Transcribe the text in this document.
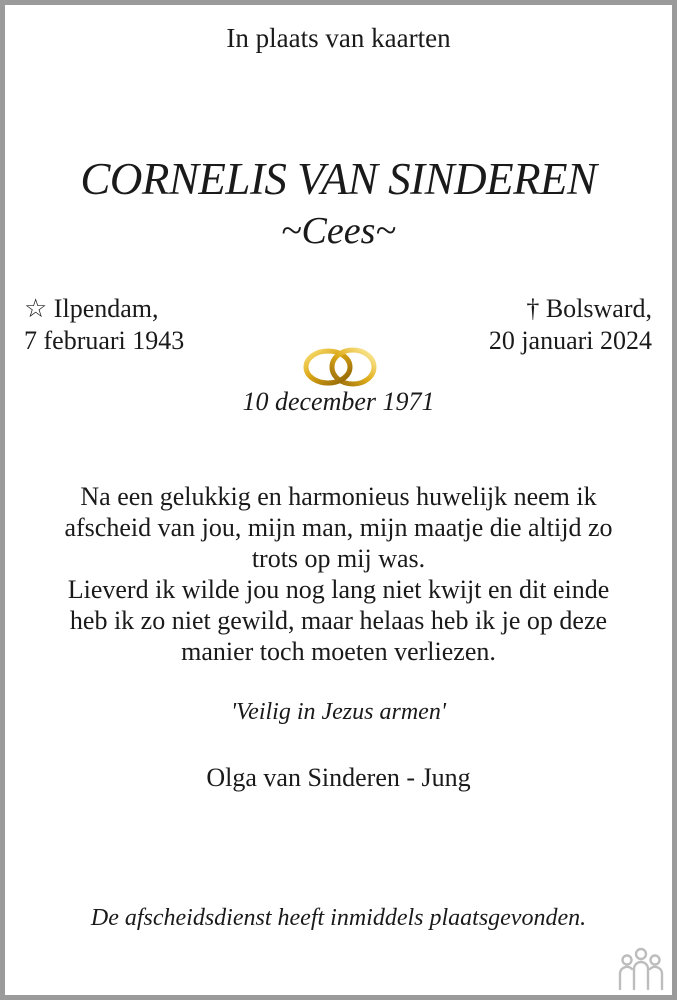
In plaats van kaarten
CORNELIS VAN SINDEREN
~Cees~
☆ Ilpendam,
7 februari 1943
† Bolsward,
20 januari 2024
10 december 1971
Na een gelukkig en harmonieus huwelijk neem ik
afscheid van jou, mijn man, mijn maatje die altijd zo
trots op mij was.
Lieverd ik wilde jou nog lang niet kwijt en dit einde
heb ik zo niet gewild, maar helaas heb ik je op deze
manier toch moeten verliezen.
'Veilig in Jezus armen'
Olga van Sinderen - Jung
De afscheidsdienst heeft inmiddels plaatsgevonden.
